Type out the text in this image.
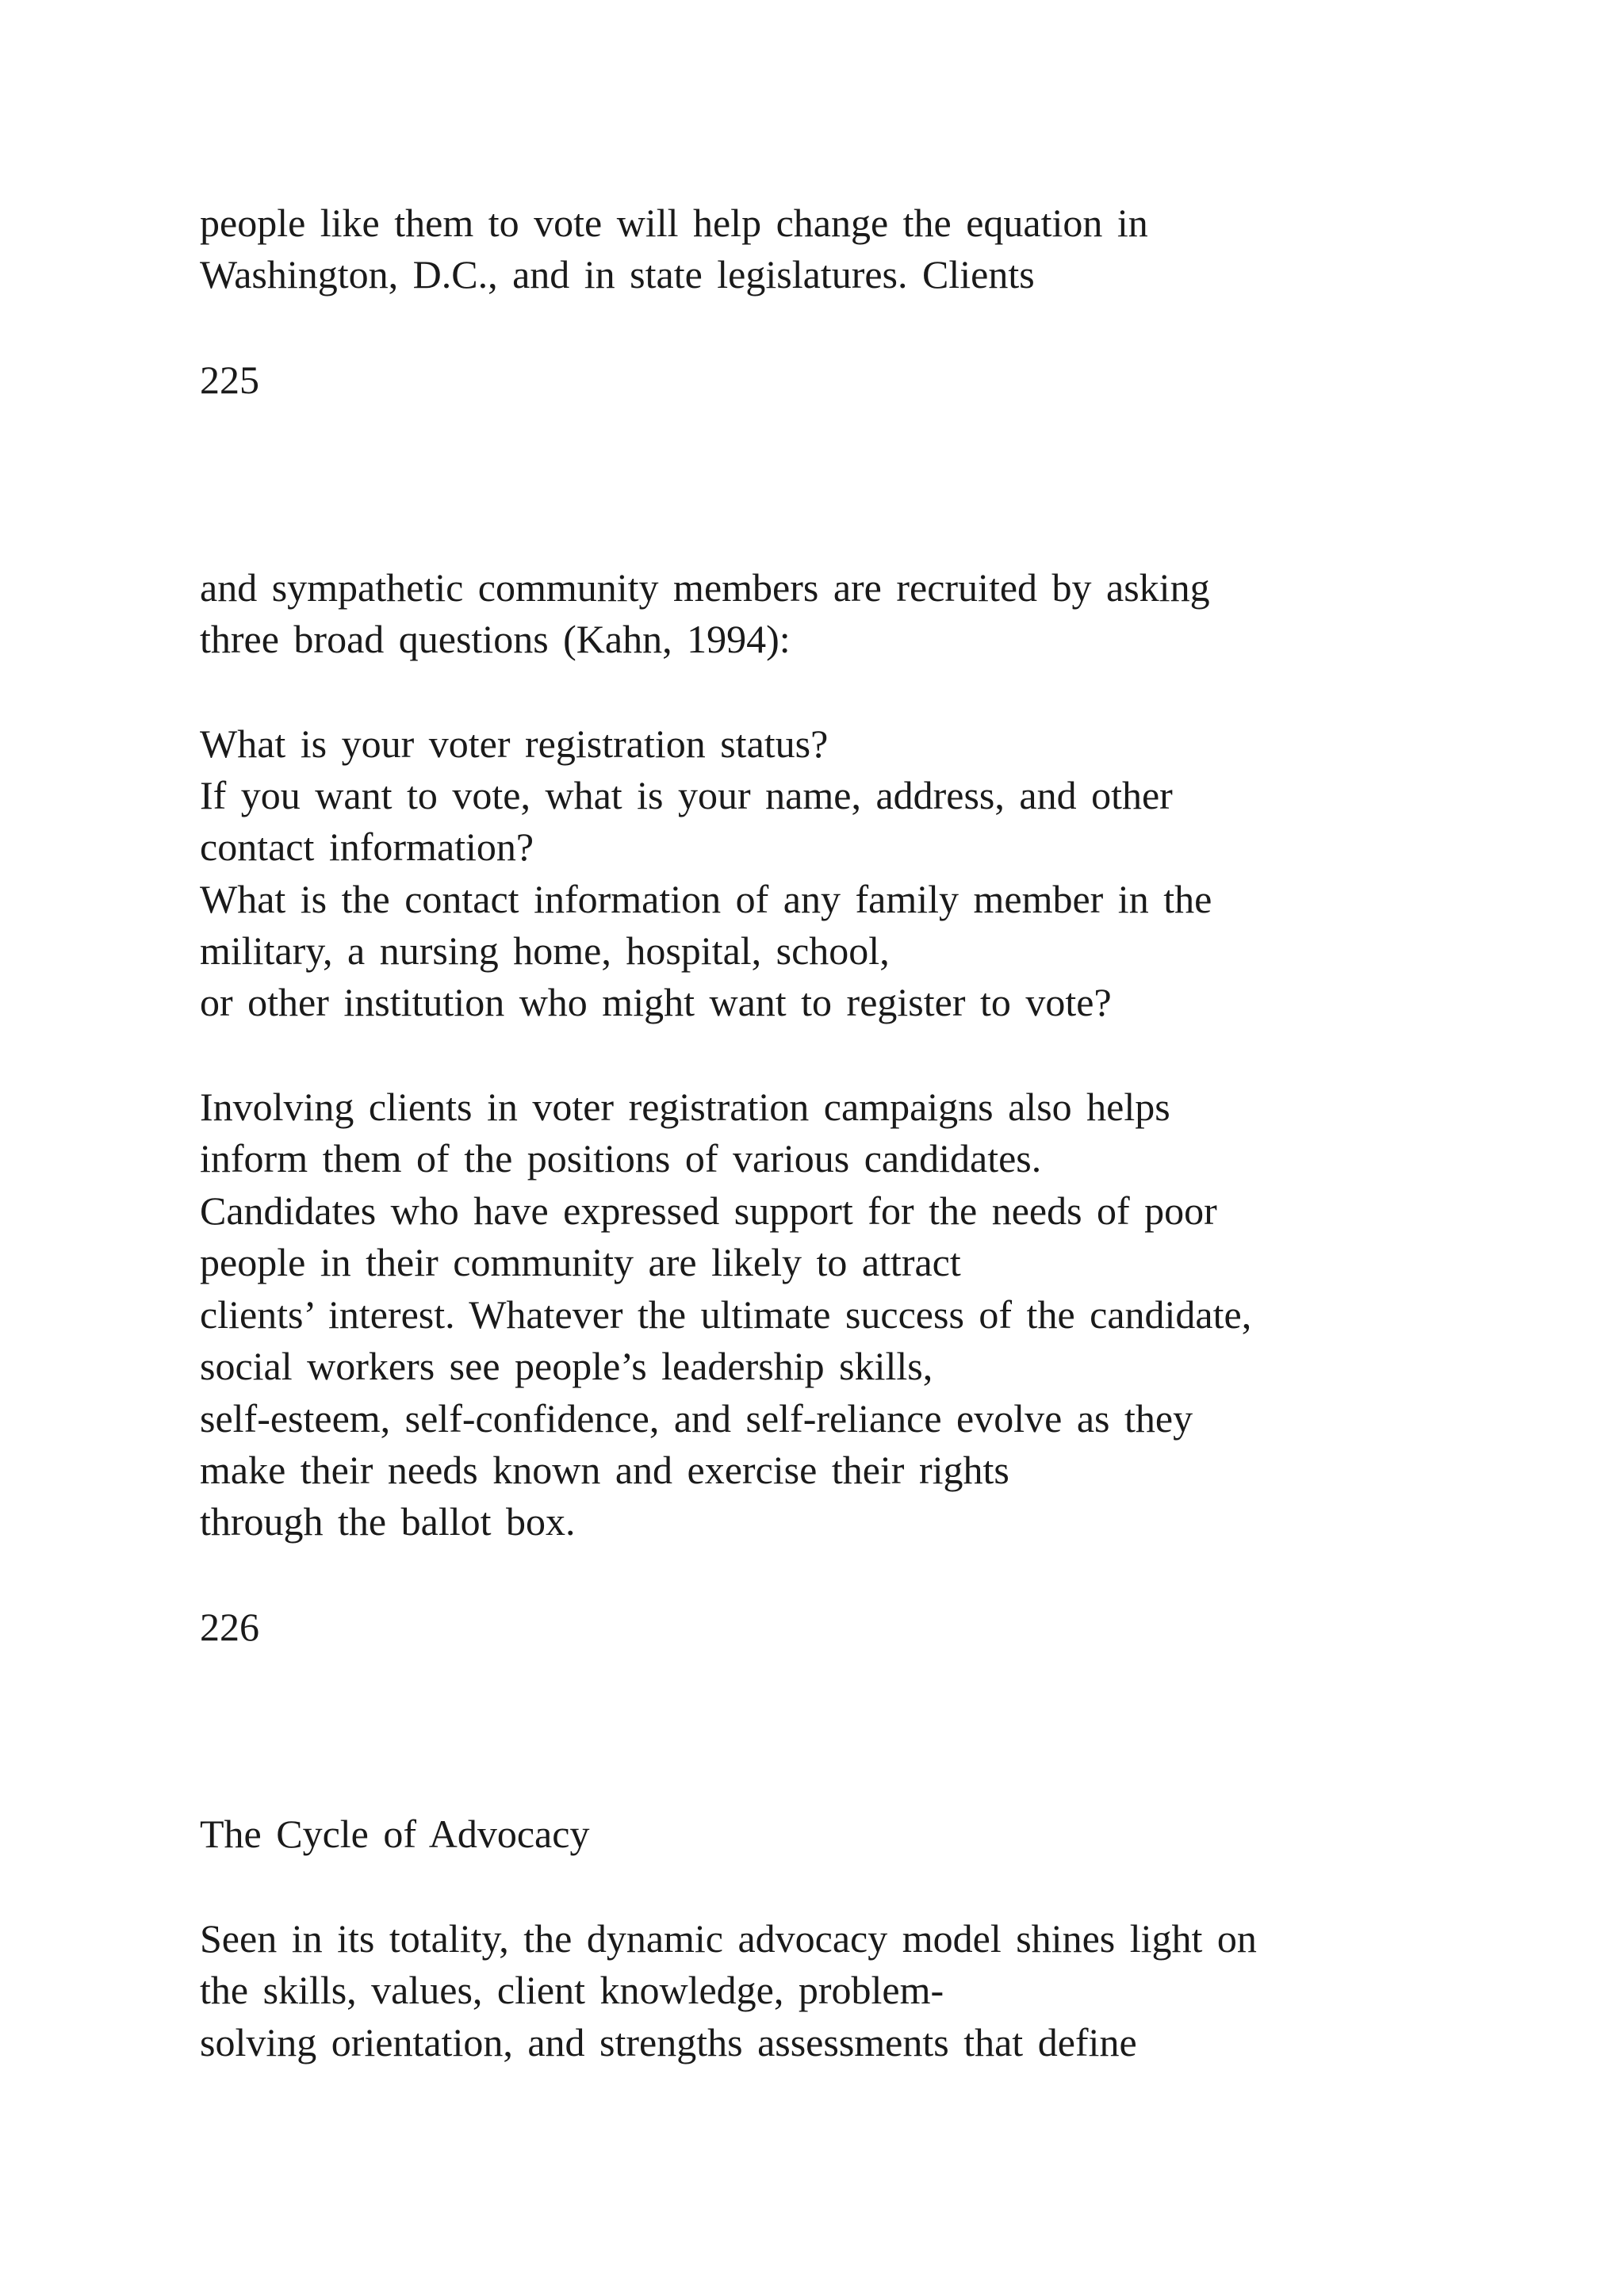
people like them to vote will help change the equation in

Washington, D.C., and in state legislatures. Clients

225

and sympathetic community members are recruited by asking

three broad questions (Kahn, 1994):

What is your voter registration status?

If you want to vote, what is your name, address, and other

contact information?

What is the contact information of any family member in the

military, a nursing home, hospital, school,

or other institution who might want to register to vote?

Involving clients in voter registration campaigns also helps

inform them of the positions of various candidates.

Candidates who have expressed support for the needs of poor

people in their community are likely to attract

clients’ interest. Whatever the ultimate success of the candidate,

social workers see people’s leadership skills,

self-esteem, self-confidence, and self-reliance evolve as they

make their needs known and exercise their rights

through the ballot box.

226

The Cycle of Advocacy

Seen in its totality, the dynamic advocacy model shines light on

the skills, values, client knowledge, problem-

solving orientation, and strengths assessments that define
